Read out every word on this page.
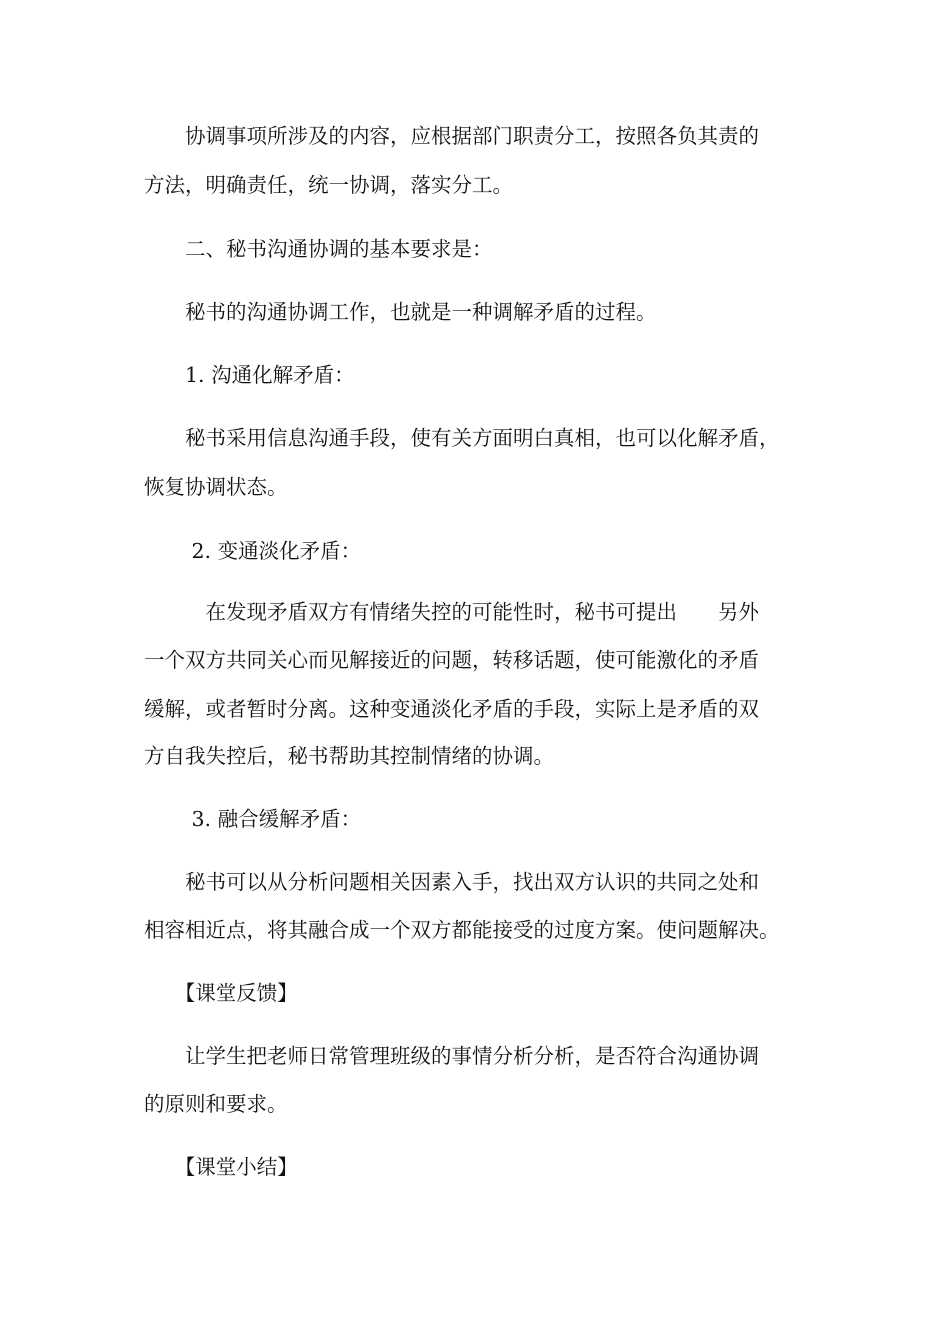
　　协调事项所涉及的内容，应根据部门职责分工，按照各负其责的

方法，明确责任，统一协调，落实分工。

　　二、秘书沟通协调的基本要求是：

　　秘书的沟通协调工作，也就是一种调解矛盾的过程。

　　1. 沟通化解矛盾：

　　秘书采用信息沟通手段，使有关方面明白真相，也可以化解矛盾，

恢复协调状态。

　　 2. 变通淡化矛盾：

　　　在发现矛盾双方有情绪失控的可能性时，秘书可提出　　另外

一个双方共同关心而见解接近的问题，转移话题，使可能激化的矛盾

缓解，或者暂时分离。这种变通淡化矛盾的手段，实际上是矛盾的双

方自我失控后，秘书帮助其控制情绪的协调。

　　 3. 融合缓解矛盾：

　　秘书可以从分析问题相关因素入手，找出双方认识的共同之处和

相容相近点，将其融合成一个双方都能接受的过度方案。使问题解决。

　　【课堂反馈】

　　让学生把老师日常管理班级的事情分析分析，是否符合沟通协调

的原则和要求。

　　【课堂小结】
